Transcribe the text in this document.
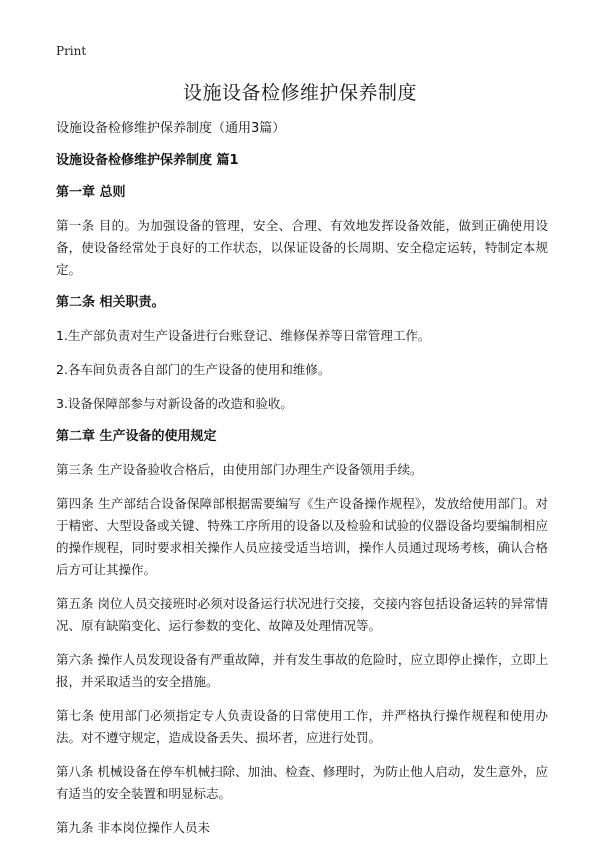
Print
设施设备检修维护保养制度

设施设备检修维护保养制度（通用3篇）

设施设备检修维护保养制度 篇1

第一章 总则

第一条 目的。为加强设备的管理，安全、合理、有效地发挥设备效能，做到正确使用设备，使设备经常处于良好的工作状态，以保证设备的长周期、安全稳定运转，特制定本规定。

第二条 相关职责。

1.生产部负责对生产设备进行台账登记、维修保养等日常管理工作。

2.各车间负责各自部门的生产设备的使用和维修。

3.设备保障部参与对新设备的改造和验收。

第二章 生产设备的使用规定

第三条 生产设备验收合格后，由使用部门办理生产设备领用手续。

第四条 生产部结合设备保障部根据需要编写《生产设备操作规程》，发放给使用部门。对于精密、大型设备或关键、特殊工序所用的设备以及检验和试验的仪器设备均要编制相应的操作规程，同时要求相关操作人员应接受适当培训，操作人员通过现场考核，确认合格后方可让其操作。

第五条 岗位人员交接班时必须对设备运行状况进行交接，交接内容包括设备运转的异常情况、原有缺陷变化、运行参数的变化、故障及处理情况等。

第六条 操作人员发现设备有严重故障，并有发生事故的危险时，应立即停止操作，立即上报，并采取适当的安全措施。

第七条 使用部门必须指定专人负责设备的日常使用工作，并严格执行操作规程和使用办法。对不遵守规定，造成设备丢失、损坏者，应进行处罚。

第八条 机械设备在停车机械扫除、加油、检查、修理时，为防止他人启动，发生意外，应有适当的安全装置和明显标志。

第九条 非本岗位操作人员未
